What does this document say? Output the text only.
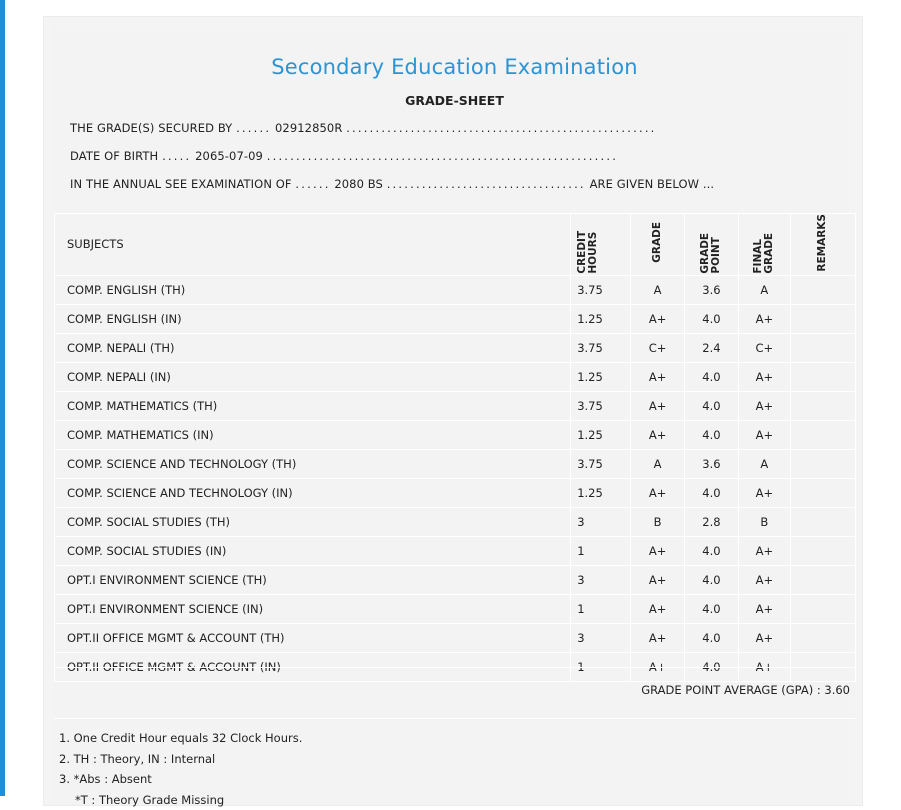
Secondary Education Examination
GRADE-SHEET
THE GRADE(S) SECURED BY ...... 02912850R .....................................................
DATE OF BIRTH ..... 2065-07-09 ............................................................
IN THE ANNUAL SEE EXAMINATION OF ...... 2080 BS .................................. ARE GIVEN BELOW ...
SUBJECTS	CREDIT HOURS	GRADE	GRADE POINT	FINAL GRADE	REMARKS
COMP. ENGLISH (TH)	3.75	A	3.6	A	
COMP. ENGLISH (IN)	1.25	A+	4.0	A+	
COMP. NEPALI (TH)	3.75	C+	2.4	C+	
COMP. NEPALI (IN)	1.25	A+	4.0	A+	
COMP. MATHEMATICS (TH)	3.75	A+	4.0	A+	
COMP. MATHEMATICS (IN)	1.25	A+	4.0	A+	
COMP. SCIENCE AND TECHNOLOGY (TH)	3.75	A	3.6	A	
COMP. SCIENCE AND TECHNOLOGY (IN)	1.25	A+	4.0	A+	
COMP. SOCIAL STUDIES (TH)	3	B	2.8	B	
COMP. SOCIAL STUDIES (IN)	1	A+	4.0	A+	
OPT.I ENVIRONMENT SCIENCE (TH)	3	A+	4.0	A+	
OPT.I ENVIRONMENT SCIENCE (IN)	1	A+	4.0	A+	
OPT.II OFFICE MGMT & ACCOUNT (TH)	3	A+	4.0	A+	
OPT.II OFFICE MGMT & ACCOUNT (IN)	1	A+	4.0	A+	
GRADE POINT AVERAGE (GPA) : 3.60
1. One Credit Hour equals 32 Clock Hours.
2. TH : Theory, IN : Internal
3. *Abs : Absent
*T : Theory Grade Missing
